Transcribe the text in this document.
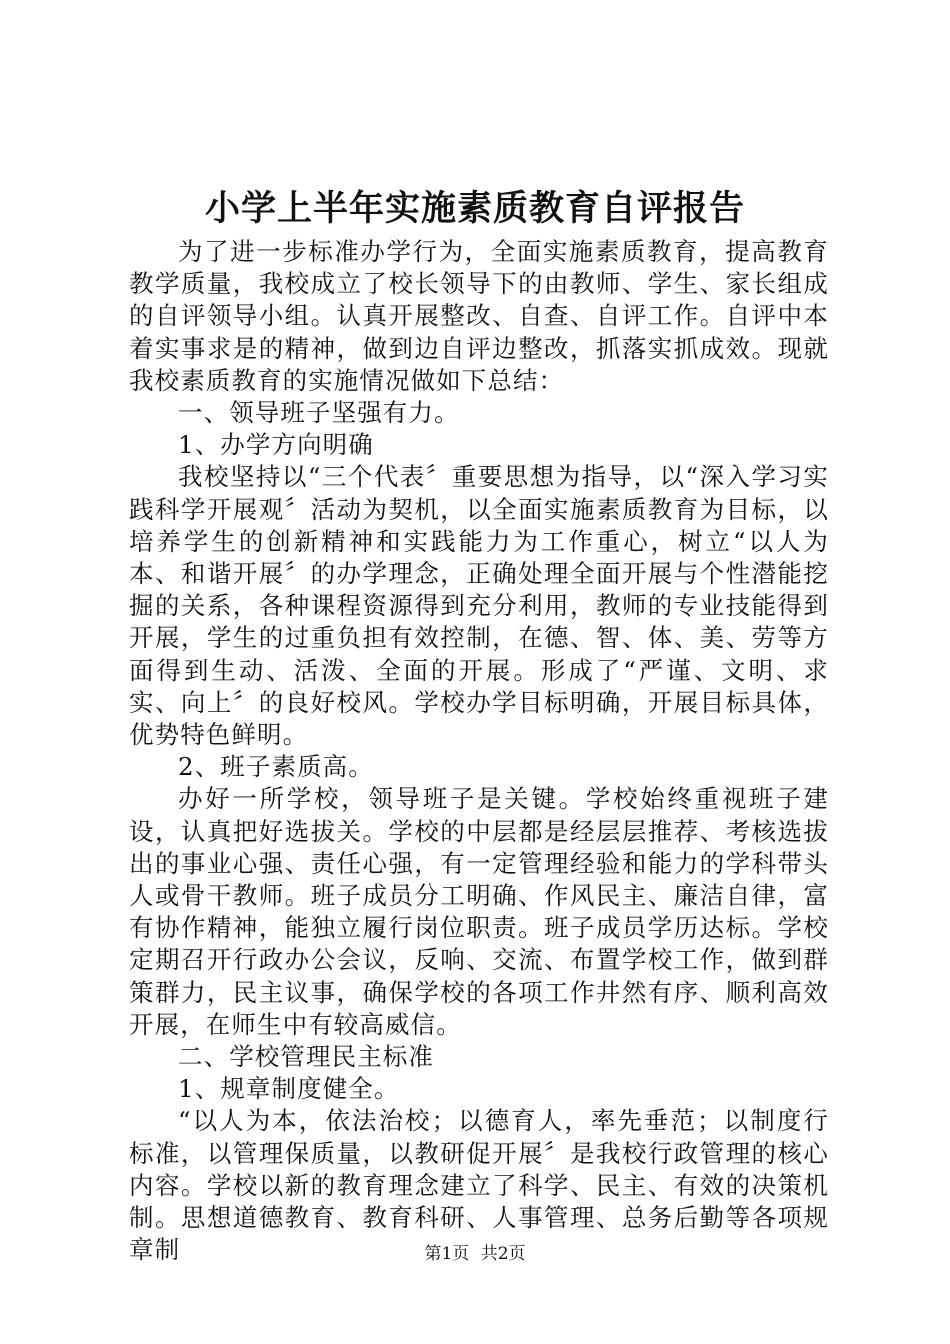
小学上半年实施素质教育自评报告

为了进一步标准办学行为，全面实施素质教育，提高教育教学质量，我校成立了校长领导下的由教师、学生、家长组成的自评领导小组。认真开展整改、自查、自评工作。自评中本着实事求是的精神，做到边自评边整改，抓落实抓成效。现就我校素质教育的实施情况做如下总结：

一、领导班子坚强有力。

1、办学方向明确

我校坚持以“三个代表〞重要思想为指导，以“深入学习实践科学开展观〞活动为契机，以全面实施素质教育为目标，以培养学生的创新精神和实践能力为工作重心，树立“以人为本、和谐开展〞的办学理念，正确处理全面开展与个性潜能挖掘的关系，各种课程资源得到充分利用，教师的专业技能得到开展，学生的过重负担有效控制，在德、智、体、美、劳等方面得到生动、活泼、全面的开展。形成了“严谨、文明、求实、向上〞的良好校风。学校办学目标明确，开展目标具体，优势特色鲜明。

2、班子素质高。

办好一所学校，领导班子是关键。学校始终重视班子建设，认真把好选拔关。学校的中层都是经层层推荐、考核选拔出的事业心强、责任心强，有一定管理经验和能力的学科带头人或骨干教师。班子成员分工明确、作风民主、廉洁自律，富有协作精神，能独立履行岗位职责。班子成员学历达标。学校定期召开行政办公会议，反响、交流、布置学校工作，做到群策群力，民主议事，确保学校的各项工作井然有序、顺利高效开展，在师生中有较高威信。

二、学校管理民主标准

1、规章制度健全。

“以人为本，依法治校；以德育人，率先垂范；以制度行标准，以管理保质量，以教研促开展〞是我校行政管理的核心内容。学校以新的教育理念建立了科学、民主、有效的决策机制。思想道德教育、教育科研、人事管理、总务后勤等各项规章制	第1页 共2页
